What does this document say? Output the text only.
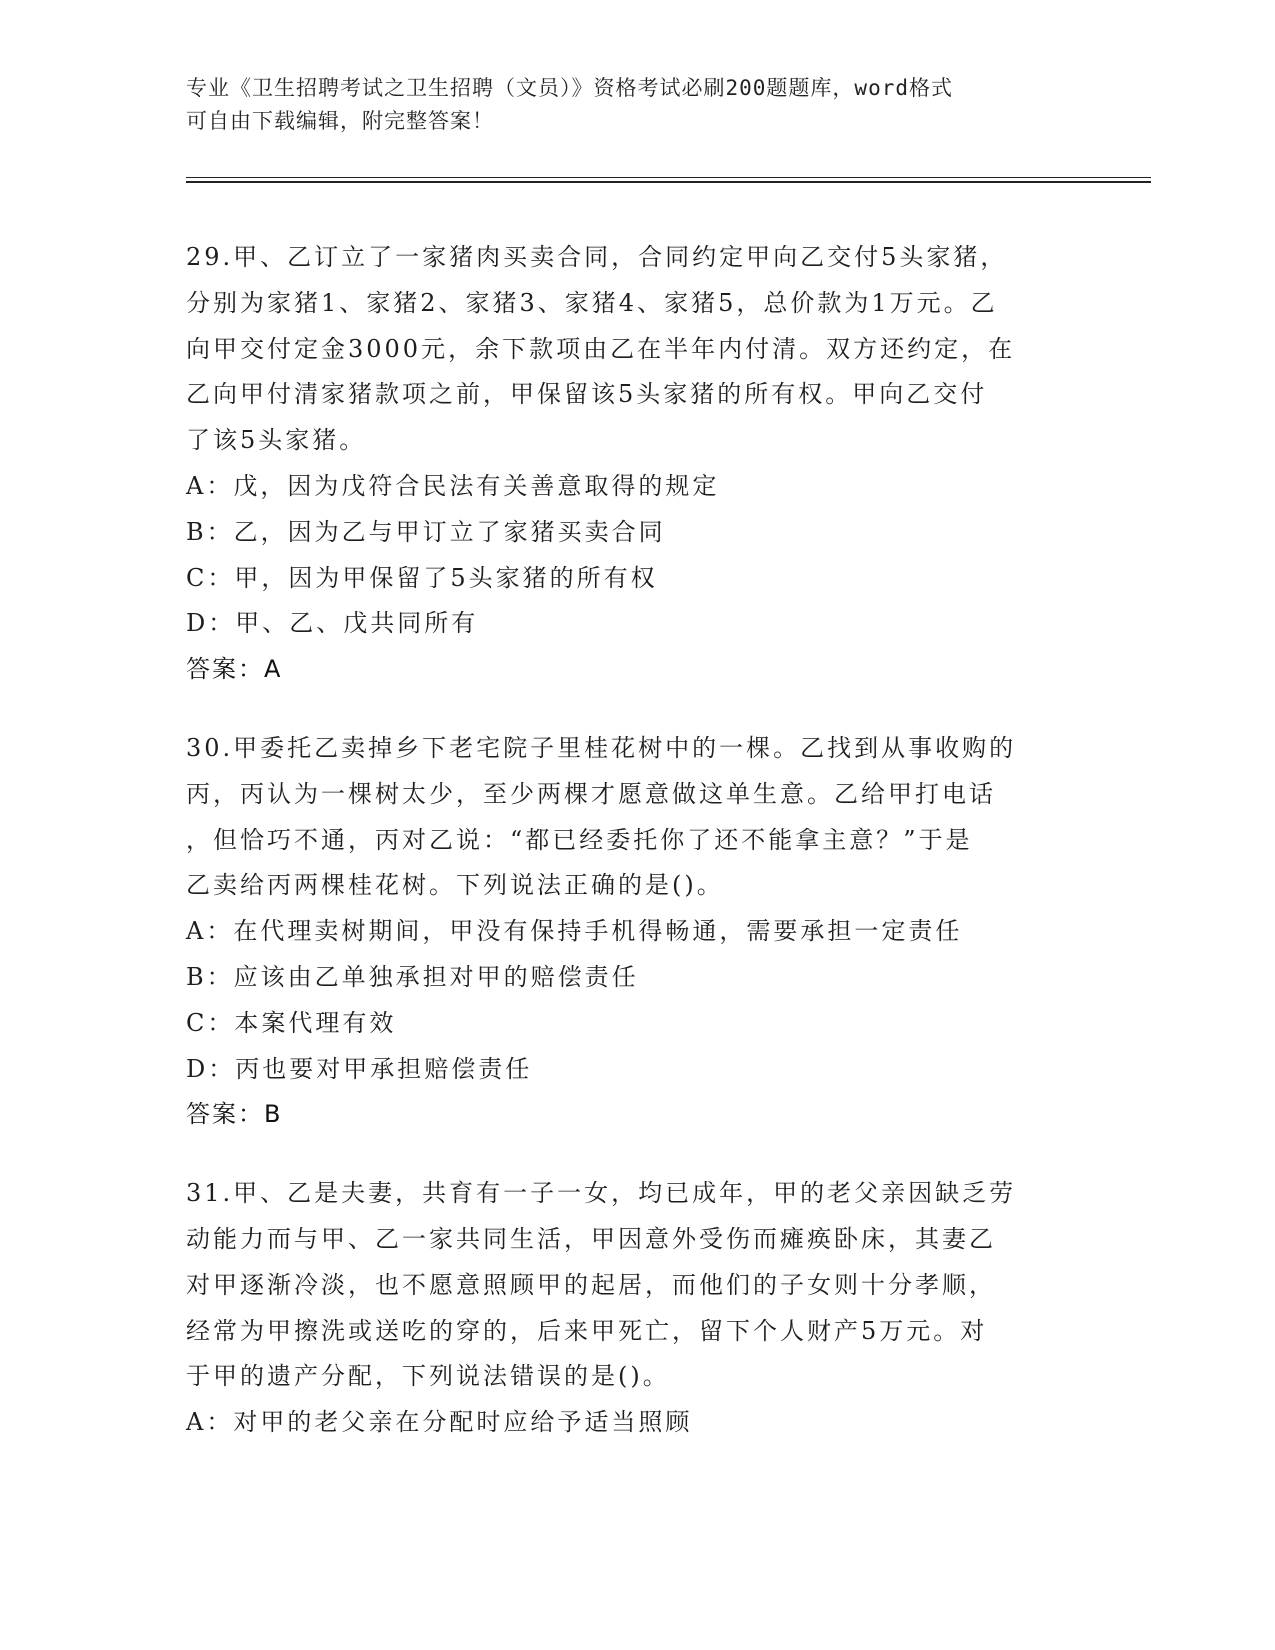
专业《卫生招聘考试之卫生招聘（文员）》资格考试必刷200题题库，word格式
可自由下载编辑，附完整答案！
29.甲、乙订立了一家猪肉买卖合同，合同约定甲向乙交付5头家猪，
分别为家猪1、家猪2、家猪3、家猪4、家猪5，总价款为1万元。乙
向甲交付定金3000元，余下款项由乙在半年内付清。双方还约定，在
乙向甲付清家猪款项之前，甲保留该5头家猪的所有权。甲向乙交付
了该5头家猪。
A：戊，因为戊符合民法有关善意取得的规定
B：乙，因为乙与甲订立了家猪买卖合同
C：甲，因为甲保留了5头家猪的所有权
D：甲、乙、戊共同所有
答案：A
30.甲委托乙卖掉乡下老宅院子里桂花树中的一棵。乙找到从事收购的
丙，丙认为一棵树太少，至少两棵才愿意做这单生意。乙给甲打电话
，但恰巧不通，丙对乙说：“都已经委托你了还不能拿主意？”于是
乙卖给丙两棵桂花树。下列说法正确的是()。
A：在代理卖树期间，甲没有保持手机得畅通，需要承担一定责任
B：应该由乙单独承担对甲的赔偿责任
C：本案代理有效
D：丙也要对甲承担赔偿责任
答案：B
31.甲、乙是夫妻，共育有一子一女，均已成年，甲的老父亲因缺乏劳
动能力而与甲、乙一家共同生活，甲因意外受伤而瘫痪卧床，其妻乙
对甲逐渐冷淡，也不愿意照顾甲的起居，而他们的子女则十分孝顺，
经常为甲擦洗或送吃的穿的，后来甲死亡，留下个人财产5万元。对
于甲的遗产分配，下列说法错误的是()。
A：对甲的老父亲在分配时应给予适当照顾
